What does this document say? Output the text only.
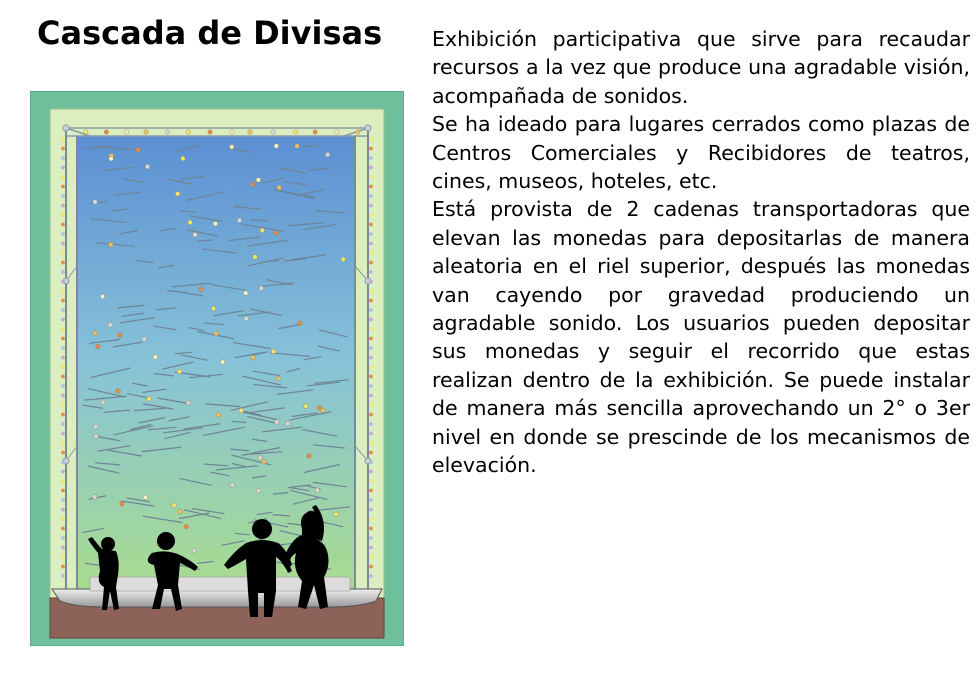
Cascada de Divisas Exhibición participativa que sirve para recaudar recursos a la vez que produce una agradable visión, acompañada de sonidos.

Se ha ideado para lugares cerrados como plazas de Centros Comerciales y Recibidores de teatros, cines, museos, hoteles, etc.

Está provista de 2 cadenas transportadoras que elevan las monedas para depositarlas de manera aleatoria en el riel superior, después las monedas van cayendo por gravedad produciendo un agradable sonido. Los usuarios pueden depositar sus monedas y seguir el recorrido que estas realizan dentro de la exhibición. Se puede instalar de manera más sencilla aprovechando un 2° o 3er nivel en donde se prescinde de los mecanismos de elevación.
